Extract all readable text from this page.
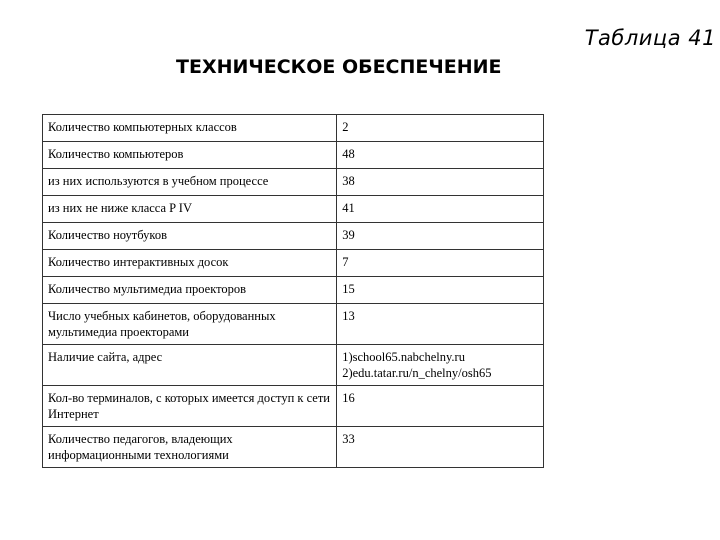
Таблица 41
ТЕХНИЧЕСКОЕ ОБЕСПЕЧЕНИЕ
Количество компьютерных классов	2
Количество компьютеров	48
из них используются в учебном процессе	38
из них не ниже класса P IV	41
Количество ноутбуков	39
Количество интерактивных досок	7
Количество мультимедиа проекторов	15
Число учебных кабинетов, оборудованных мультимедиа проекторами	13
Наличие сайта, адрес	1)school65.nabchelny.ru
2)edu.tatar.ru/n_chelny/osh65

Кол-во терминалов, с которых имеется доступ к сети Интернет	16
Количество педагогов, владеющих информационными технологиями	33
